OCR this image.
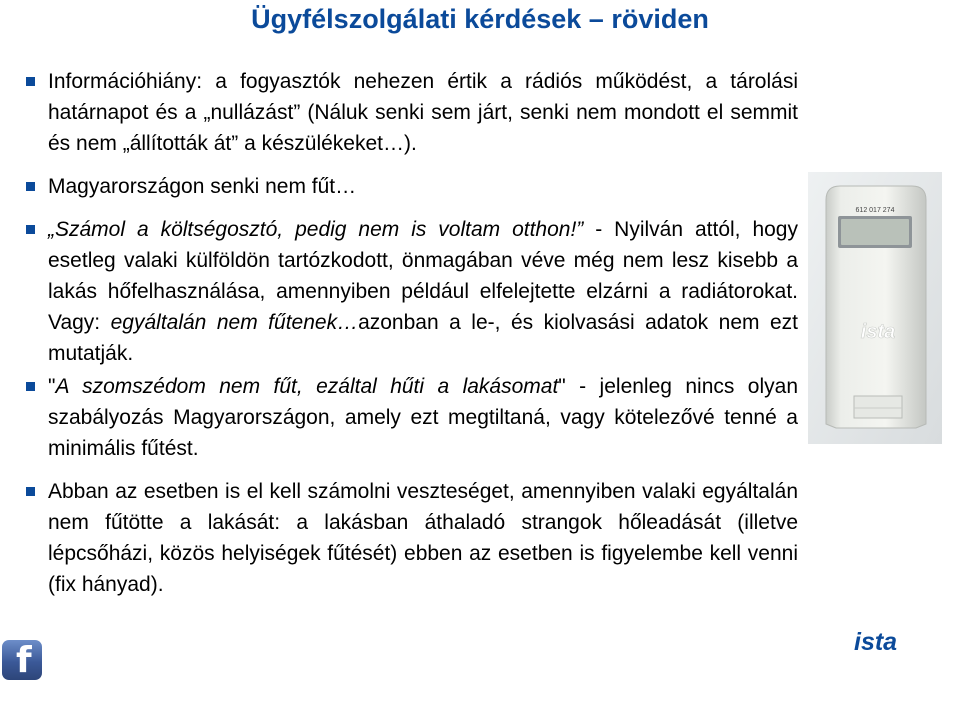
Ügyfélszolgálati kérdések – röviden
Információhiány: a fogyasztók nehezen értik a rádiós működést, a tárolási határnapot és a „nullázást” (Náluk senki sem járt, senki nem mondott el semmit és nem „állították át” a készülékeket…).
Magyarországon senki nem fűt…
„Számol a költségosztó, pedig nem is voltam otthon!” - Nyilván attól, hogy esetleg valaki külföldön tartózkodott, önmagában véve még nem lesz kisebb a lakás hőfelhasználása, amennyiben például elfelejtette elzárni a radiátorokat. Vagy: egyáltalán nem fűtenek…azonban a le-, és kiolvasási adatok nem ezt mutatják.
"A szomszédom nem fűt, ezáltal hűti a lakásomat" - jelenleg nincs olyan szabályozás Magyarországon, amely ezt megtiltaná, vagy kötelezővé tenné a minimális fűtést.
Abban az esetben is el kell számolni veszteséget, amennyiben valaki egyáltalán nem fűtötte a lakását: a lakásban áthaladó strangok hőleadását (illetve lépcsőházi, közös helyiségek fűtését) ebben az esetben is figyelembe kell venni (fix hányad).
612 017 274
ista
ista
f
